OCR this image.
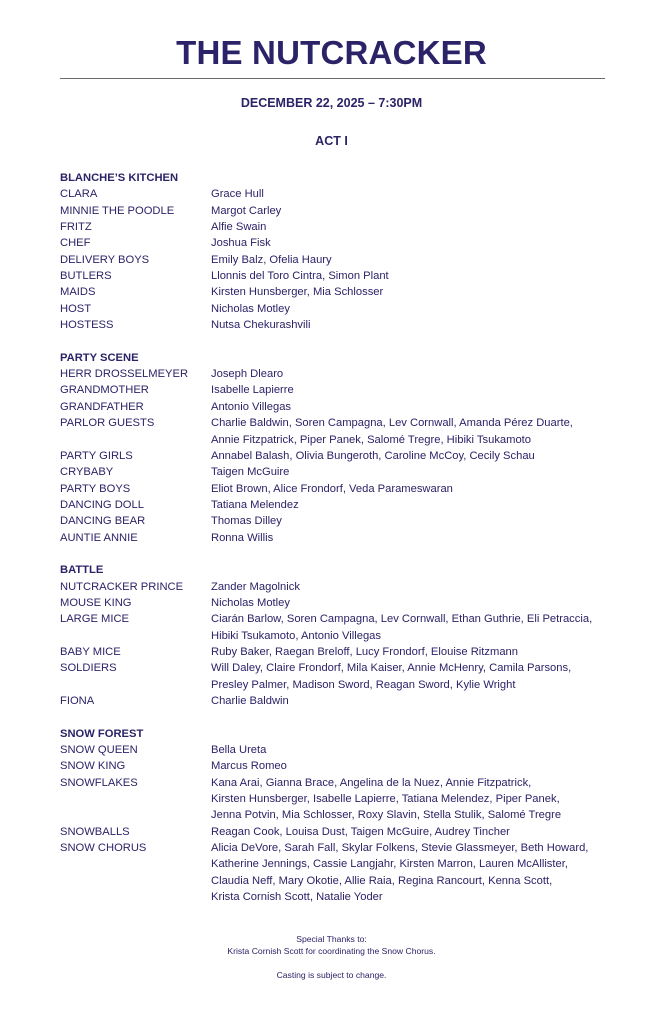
THE NUTCRACKER
DECEMBER 22, 2025 – 7:30PM
ACT I
BLANCHE’S KITCHEN
CLARA	Grace Hull
MINNIE THE POODLE	Margot Carley
FRITZ	Alfie Swain
CHEF	Joshua Fisk
DELIVERY BOYS	Emily Balz, Ofelia Haury
BUTLERS	Llonnis del Toro Cintra, Simon Plant
MAIDS	Kirsten Hunsberger, Mia Schlosser
HOST	Nicholas Motley
HOSTESS	Nutsa Chekurashvili
PARTY SCENE
HERR DROSSELMEYER	Joseph Dlearo
GRANDMOTHER	Isabelle Lapierre
GRANDFATHER	Antonio Villegas
PARLOR GUESTS	Charlie Baldwin, Soren Campagna, Lev Cornwall, Amanda Pérez Duarte,
Annie Fitzpatrick, Piper Panek, Salomé Tregre, Hibiki Tsukamoto
PARTY GIRLS	Annabel Balash, Olivia Bungeroth, Caroline McCoy, Cecily Schau
CRYBABY	Taigen McGuire
PARTY BOYS	Eliot Brown, Alice Frondorf, Veda Parameswaran
DANCING DOLL	Tatiana Melendez
DANCING BEAR	Thomas Dilley
AUNTIE ANNIE	Ronna Willis
BATTLE
NUTCRACKER PRINCE	Zander Magolnick
MOUSE KING	Nicholas Motley
LARGE MICE	Ciarán Barlow, Soren Campagna, Lev Cornwall, Ethan Guthrie, Eli Petraccia,
Hibiki Tsukamoto, Antonio Villegas
BABY MICE	Ruby Baker, Raegan Breloff, Lucy Frondorf, Elouise Ritzmann
SOLDIERS	Will Daley, Claire Frondorf, Mila Kaiser, Annie McHenry, Camila Parsons,
Presley Palmer, Madison Sword, Reagan Sword, Kylie Wright
FIONA	Charlie Baldwin
SNOW FOREST
SNOW QUEEN	Bella Ureta
SNOW KING	Marcus Romeo
SNOWFLAKES	Kana Arai, Gianna Brace, Angelina de la Nuez, Annie Fitzpatrick,
Kirsten Hunsberger, Isabelle Lapierre, Tatiana Melendez, Piper Panek,
Jenna Potvin, Mia Schlosser, Roxy Slavin, Stella Stulik, Salomé Tregre
SNOWBALLS	Reagan Cook, Louisa Dust, Taigen McGuire, Audrey Tincher
SNOW CHORUS	Alicia DeVore, Sarah Fall, Skylar Folkens, Stevie Glassmeyer, Beth Howard,
Katherine Jennings, Cassie Langjahr, Kirsten Marron, Lauren McAllister,
Claudia Neff, Mary Okotie, Allie Raia, Regina Rancourt, Kenna Scott,
Krista Cornish Scott, Natalie Yoder
Special Thanks to:
Krista Cornish Scott for coordinating the Snow Chorus.
Casting is subject to change.
